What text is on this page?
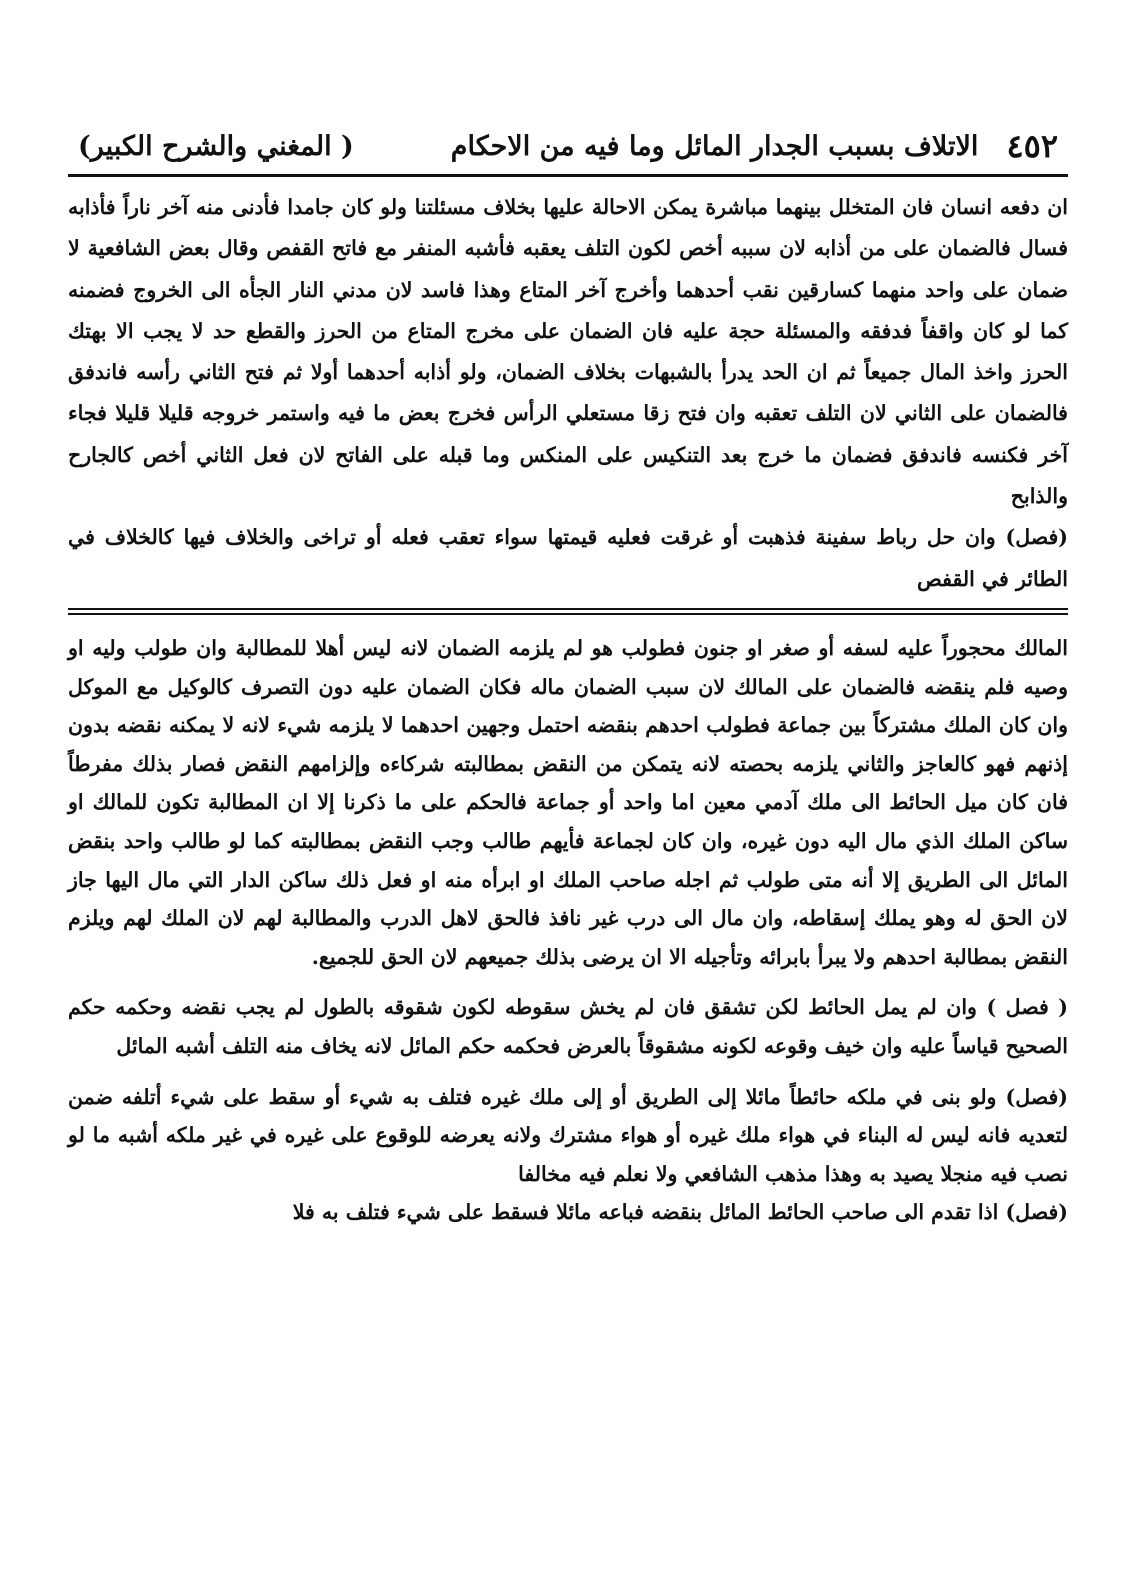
٤٥٢
الاتلاف بسبب الجدار المائل وما فيه من الاحكام
( المغني والشرح الكبير)

ان دفعه انسان فان المتخلل بينهما مباشرة يمكن الاحالة عليها بخلاف مسئلتنا ولو كان جامدا فأدنى منه آخر ناراً فأذابه فسال فالضمان على من أذابه لان سببه أخص لكون التلف يعقبه فأشبه المنفر مع فاتح القفص وقال بعض الشافعية لا ضمان على واحد منهما كسارقين نقب أحدهما وأخرج آخر المتاع وهذا فاسد لان مدني النار الجأه الى الخروج فضمنه كما لو كان واقفاً فدفقه والمسئلة حجة عليه فان الضمان على مخرج المتاع من الحرز والقطع حد لا يجب الا بهتك الحرز واخذ المال جميعاً ثم ان الحد يدرأ بالشبهات بخلاف الضمان، ولو أذابه أحدهما أولا ثم فتح الثاني رأسه فاندفق فالضمان على الثاني لان التلف تعقبه وان فتح زقا مستعلي الرأس فخرج بعض ما فيه واستمر خروجه قليلا قليلا فجاء آخر فكنسه فاندفق فضمان ما خرج بعد التنكيس على المنكس وما قبله على الفاتح لان فعل الثاني أخص كالجارح والذابح

(فصل) وان حل رباط سفينة فذهبت أو غرقت فعليه قيمتها سواء تعقب فعله أو تراخى والخلاف فيها كالخلاف في الطائر في القفص

المالك محجوراً عليه لسفه أو صغر او جنون فطولب هو لم يلزمه الضمان لانه ليس أهلا للمطالبة وان طولب وليه او وصيه فلم ينقضه فالضمان على المالك لان سبب الضمان ماله فكان الضمان عليه دون التصرف كالوكيل مع الموكل وان كان الملك مشتركاً بين جماعة فطولب احدهم بنقضه احتمل وجهين احدهما لا يلزمه شيء لانه لا يمكنه نقضه بدون إذنهم فهو كالعاجز والثاني يلزمه بحصته لانه يتمكن من النقض بمطالبته شركاءه وإلزامهم النقض فصار بذلك مفرطاً فان كان ميل الحائط الى ملك آدمي معين اما واحد أو جماعة فالحكم على ما ذكرنا إلا ان المطالبة تكون للمالك او ساكن الملك الذي مال اليه دون غيره، وان كان لجماعة فأيهم طالب وجب النقض بمطالبته كما لو طالب واحد بنقض المائل الى الطريق إلا أنه متى طولب ثم اجله صاحب الملك او ابرأه منه او فعل ذلك ساكن الدار التي مال اليها جاز لان الحق له وهو يملك إسقاطه، وان مال الى درب غير نافذ فالحق لاهل الدرب والمطالبة لهم لان الملك لهم ويلزم النقض بمطالبة احدهم ولا يبرأ بابرائه وتأجيله الا ان يرضى بذلك جميعهم لان الحق للجميع.

( فصل ) وان لم يمل الحائط لكن تشقق فان لم يخش سقوطه لكون شقوقه بالطول لم يجب نقضه وحكمه حكم الصحيح قياساً عليه وان خيف وقوعه لكونه مشقوقاً بالعرض فحكمه حكم المائل لانه يخاف منه التلف أشبه المائل

(فصل) ولو بنى في ملكه حائطاً مائلا إلى الطريق أو إلى ملك غيره فتلف به شيء أو سقط على شيء أتلفه ضمن لتعديه فانه ليس له البناء في هواء ملك غيره أو هواء مشترك ولانه يعرضه للوقوع على غيره في غير ملكه أشبه ما لو نصب فيه منجلا يصيد به وهذا مذهب الشافعي ولا نعلم فيه مخالفا

(فصل) اذا تقدم الى صاحب الحائط المائل بنقضه فباعه مائلا فسقط على شيء فتلف به فلا
